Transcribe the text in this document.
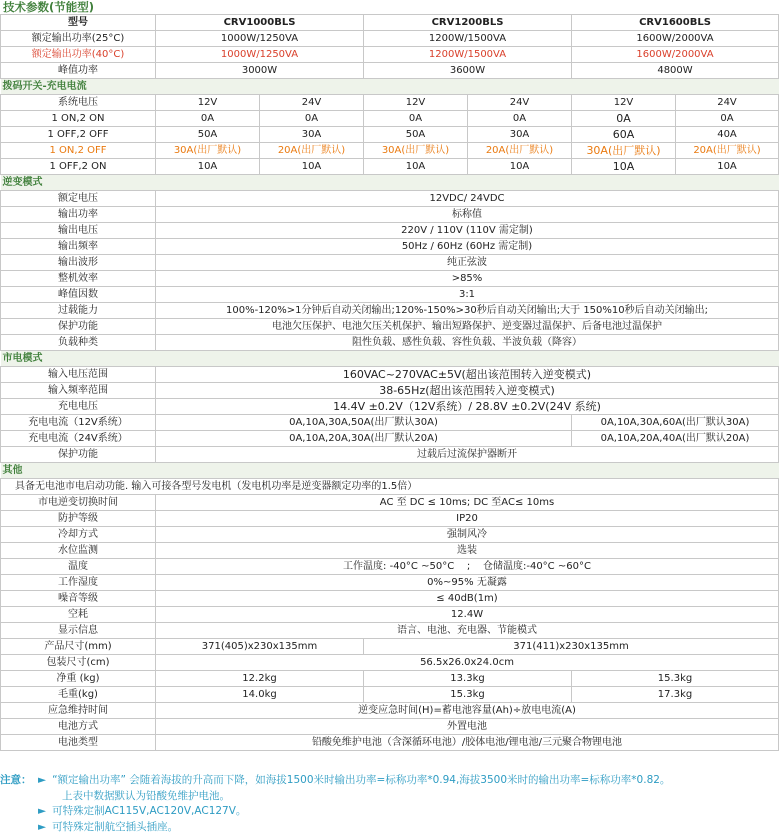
技术参数(节能型)
型号	CRV1000BLS		CRV1200BLS		CRV1600BLS	
额定输出功率(25°C)	1000W/1250VA		1200W/1500VA		1600W/2000VA	
额定输出功率(40°C)	1000W/1250VA		1200W/1500VA		1600W/2000VA	
峰值功率	3000W		3600W		4800W	
拨码开关-充电电流						
系统电压	12V	24V	12V	24V	12V	24V
1 ON,2 ON	0A	0A	0A	0A	0A	0A
1 OFF,2 OFF	50A	30A	50A	30A	60A	40A
1 ON,2 OFF	30A(出厂默认)	20A(出厂默认)	30A(出厂默认)	20A(出厂默认)	30A(出厂默认)	20A(出厂默认)
1 OFF,2 ON	10A	10A	10A	10A	10A	10A
逆变模式						
额定电压	12VDC/ 24VDC					
输出功率	标称值					
输出电压	220V / 110V (110V 需定制)					
输出频率	50Hz / 60Hz (60Hz 需定制)					
输出波形	纯正弦波					
整机效率	>85%					
峰值因数	3:1					
过载能力	100%-120%>1分钟后自动关闭输出;120%-150%>30秒后自动关闭输出;大于 150%10秒后自动关闭输出;					
保护功能	电池欠压保护、电池欠压关机保护、输出短路保护、逆变器过温保护、后备电池过温保护					
负载种类	阻性负载、感性负载、容性负载、半波负载（降容）					
市电模式						
输入电压范围	160VAC~270VAC±5V(超出该范围转入逆变模式)					
输入频率范围	38-65Hz(超出该范围转入逆变模式)					
充电电压	14.4V ±0.2V（12V系统）/ 28.8V ±0.2V(24V 系统)					
充电电流（12V系统）	0A,10A,30A,50A(出厂默认30A)				0A,10A,30A,60A(出厂默认30A)	
充电电流（24V系统）	0A,10A,20A,30A(出厂默认20A)				0A,10A,20A,40A(出厂默认20A)	
保护功能	过载后过流保护器断开					
其他						
具备无电池市电启动功能. 输入可接各型号发电机（发电机功率是逆变器额定功率的1.5倍）						
市电逆变切换时间	AC 至 DC ≤ 10ms; DC 至AC≤ 10ms					
防护等级	IP20					
冷却方式	强制风冷					
水位监测	选装					
温度	工作温度: -40°C ~50°C    ;    仓储温度:-40°C ~60°C					
工作湿度	0%~95% 无凝露					
噪音等级	≤ 40dB(1m)					
空耗	12.4W					
显示信息	语言、电池、充电器、节能模式					
产品尺寸(mm)	371(405)x230x135mm		371(411)x230x135mm			
包装尺寸(cm)	56.5x26.0x24.0cm					
净重 (kg)	12.2kg		13.3kg		15.3kg	
毛重(kg)	14.0kg		15.3kg		17.3kg	
应急维持时间	逆变应急时间(H)=蓄电池容量(Ah)÷放电电流(A)					
电池方式	外置电池					
电池类型	铅酸免维护电池（含深循环电池）/胶体电池/锂电池/三元聚合物锂电池					
注意： ► “额定输出功率” 会随着海拔的升高而下降，如海拔1500米时输出功率=标称功率*0.94,海拔3500米时的输出功率=标称功率*0.82。
上表中数据默认为铅酸免维护电池。
► 可特殊定制AC115V,AC120V,AC127V。
► 可特殊定制航空插头插座。
